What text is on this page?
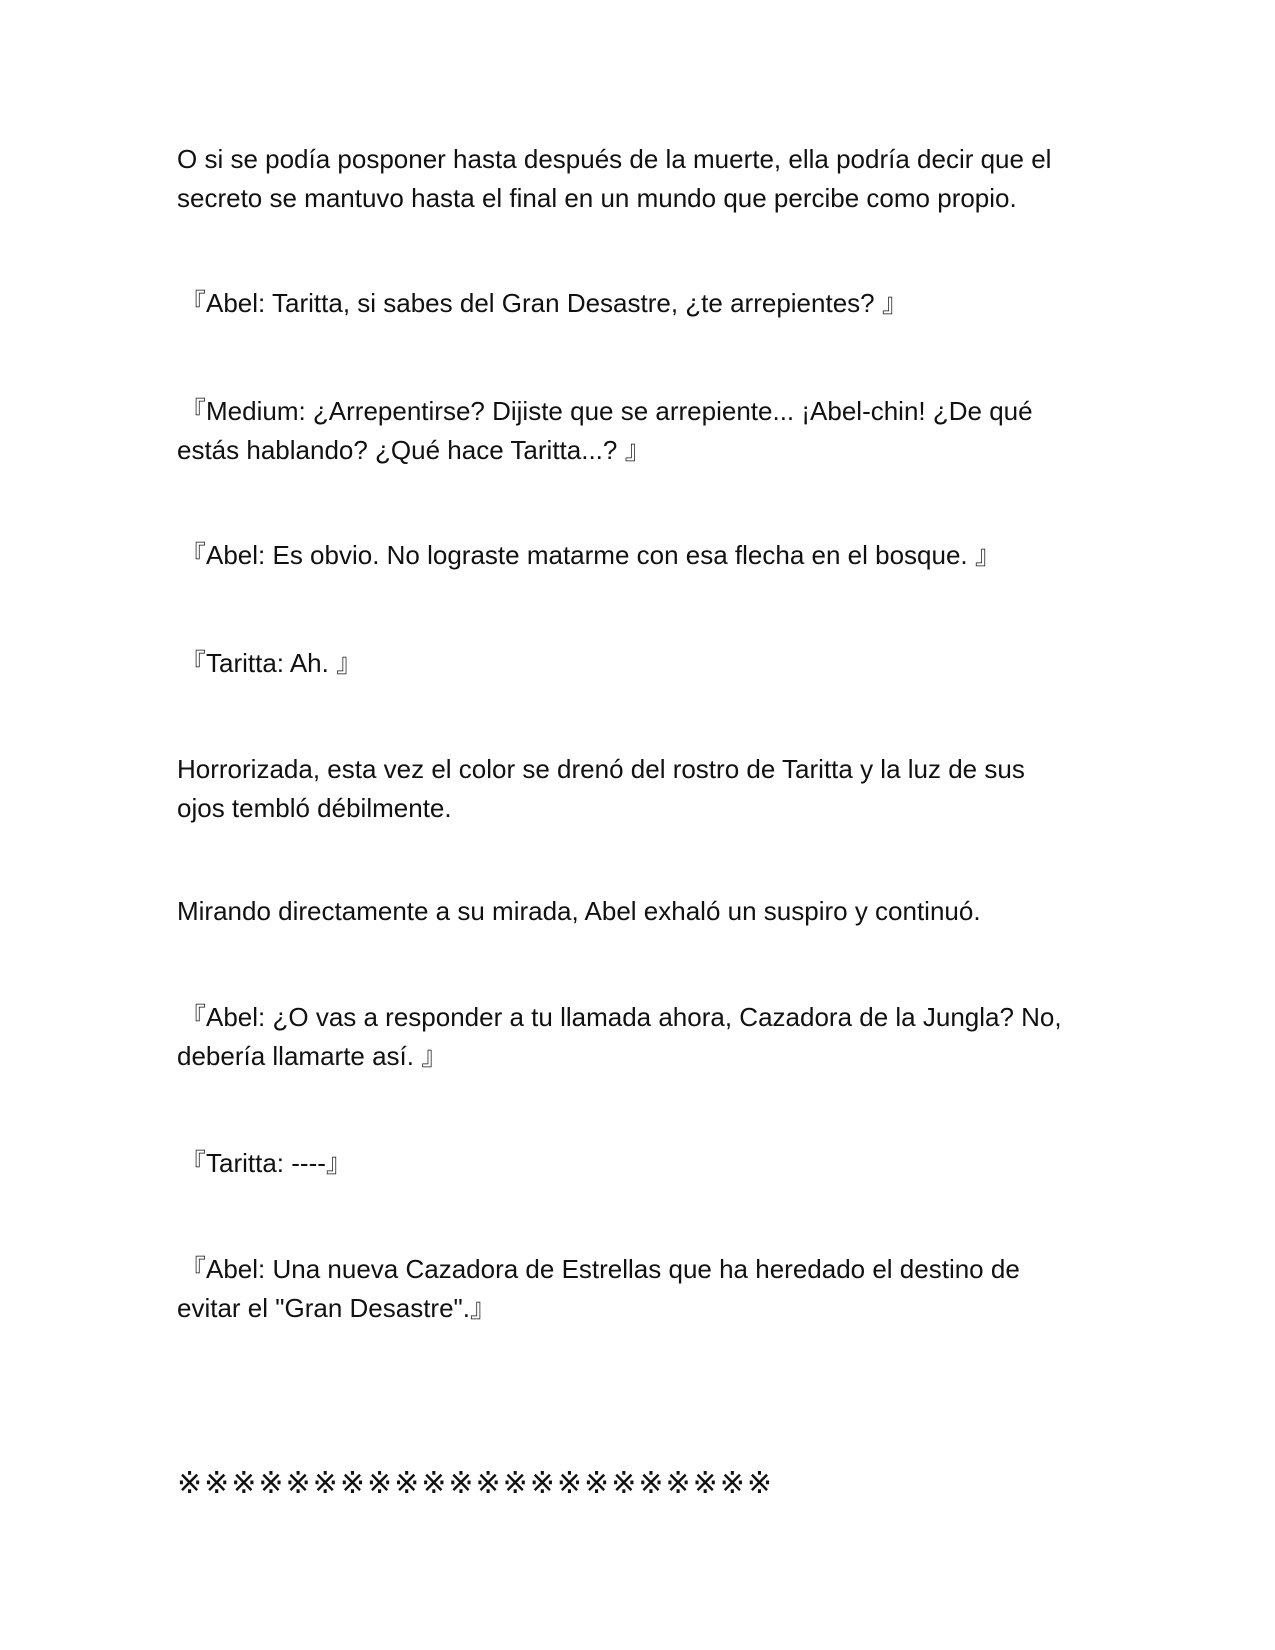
O si se podía posponer hasta después de la muerte, ella podría decir que el
secreto se mantuvo hasta el final en un mundo que percibe como propio.

『Abel: Taritta, si sabes del Gran Desastre, ¿te arrepientes? 』

『Medium: ¿Arrepentirse? Dijiste que se arrepiente... ¡Abel-chin! ¿De qué
estás hablando? ¿Qué hace Taritta...? 』

『Abel: Es obvio. No lograste matarme con esa flecha en el bosque. 』

『Taritta: Ah. 』

Horrorizada, esta vez el color se drenó del rostro de Taritta y la luz de sus
ojos tembló débilmente.

Mirando directamente a su mirada, Abel exhaló un suspiro y continuó.

『Abel: ¿O vas a responder a tu llamada ahora, Cazadora de la Jungla? No,
debería llamarte así. 』

『Taritta: ----』

『Abel: Una nueva Cazadora de Estrellas que ha heredado el destino de
evitar el "Gran Desastre".』

※※※※※※※※※※※※※※※※※※※※※※
